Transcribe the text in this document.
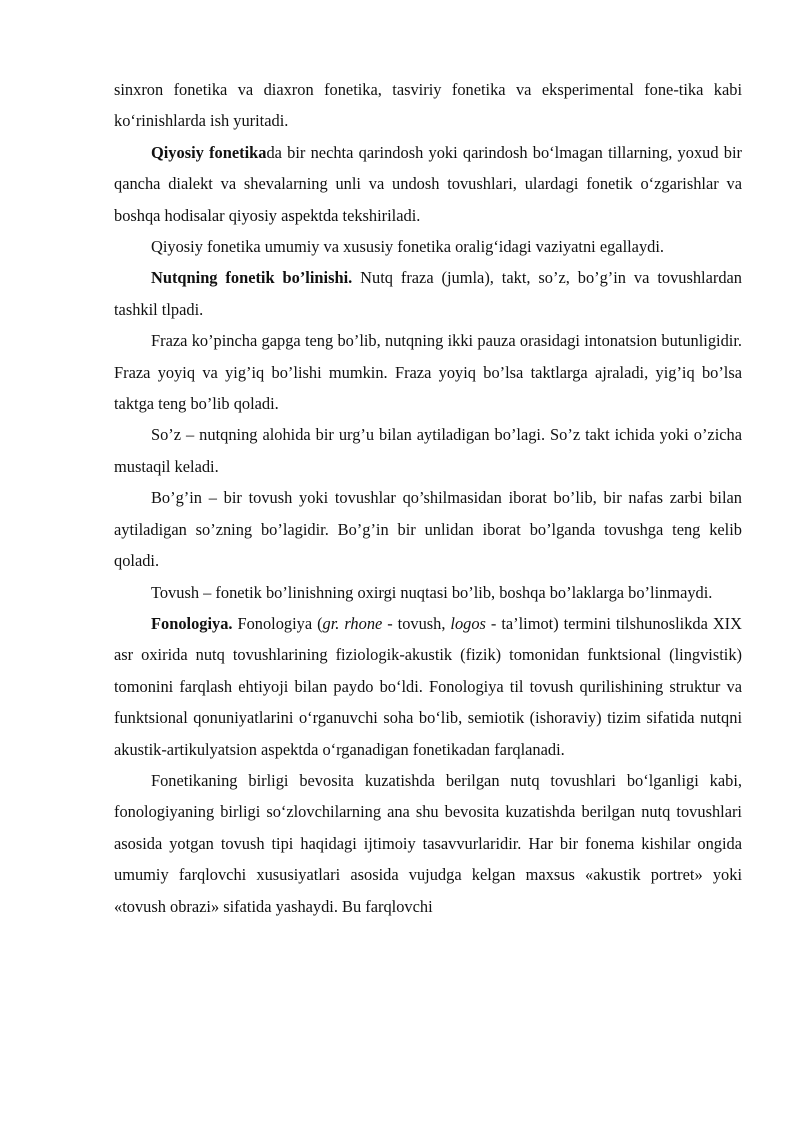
sinxron fonetika va diaxron fonetika, tasviriy fonetika va eksperimental fone-tika kabi ko‘rinishlarda ish yuritadi.

Qiyosiy fonetikada bir nechta qarindosh yoki qarindosh bo‘lmagan tillarning, yoxud bir qancha dialekt va shevalarning unli va undosh tovushlari, ulardagi fonetik o‘zgarishlar va boshqa hodisalar qiyosiy aspektda tekshiriladi.

Qiyosiy fonetika umumiy va xususiy fonetika oralig‘idagi vaziyatni egallaydi.

Nutqning fonetik bo’linishi. Nutq fraza (jumla), takt, so’z, bo’g’in va tovushlardan tashkil tlpadi.

Fraza ko’pincha gapga teng bo’lib, nutqning ikki pauza orasidagi intonatsion butunligidir. Fraza yoyiq va yig’iq bo’lishi mumkin. Fraza yoyiq bo’lsa taktlarga ajraladi, yig’iq bo’lsa taktga teng bo’lib qoladi.

So’z – nutqning alohida bir urg’u bilan aytiladigan bo’lagi. So’z takt ichida yoki o’zicha mustaqil keladi.

Bo’g’in – bir tovush yoki tovushlar qo’shilmasidan iborat bo’lib, bir nafas zarbi bilan aytiladigan so’zning bo’lagidir. Bo’g’in bir unlidan iborat bo’lganda tovushga teng kelib qoladi.

Tovush – fonetik bo’linishning oxirgi nuqtasi bo’lib, boshqa bo’laklarga bo’linmaydi.

Fonologiya. Fonologiya (gr. rhone - tovush, logos - ta’limot) termini tilshunoslikda XIX asr oxirida nutq tovushlarining fiziologik-akustik (fizik) tomonidan funktsional (lingvistik) tomonini farqlash ehtiyoji bilan paydo bo‘ldi. Fonologiya til tovush qurilishining struktur va funktsional qonuniyatlarini o‘rganuvchi soha bo‘lib, semiotik (ishoraviy) tizim sifatida nutqni akustik-artikulyatsion aspektda o‘rganadigan fonetikadan farqlanadi.

Fonetikaning birligi bevosita kuzatishda berilgan nutq tovushlari bo‘lganligi kabi, fonologiyaning birligi so‘zlovchilarning ana shu bevosita kuzatishda berilgan nutq tovushlari asosida yotgan tovush tipi haqidagi ijtimoiy tasavvurlaridir. Har bir fonema kishilar ongida umumiy farqlovchi xususiyatlari asosida vujudga kelgan maxsus «akustik portret» yoki «tovush obrazi» sifatida yashaydi. Bu farqlovchi
